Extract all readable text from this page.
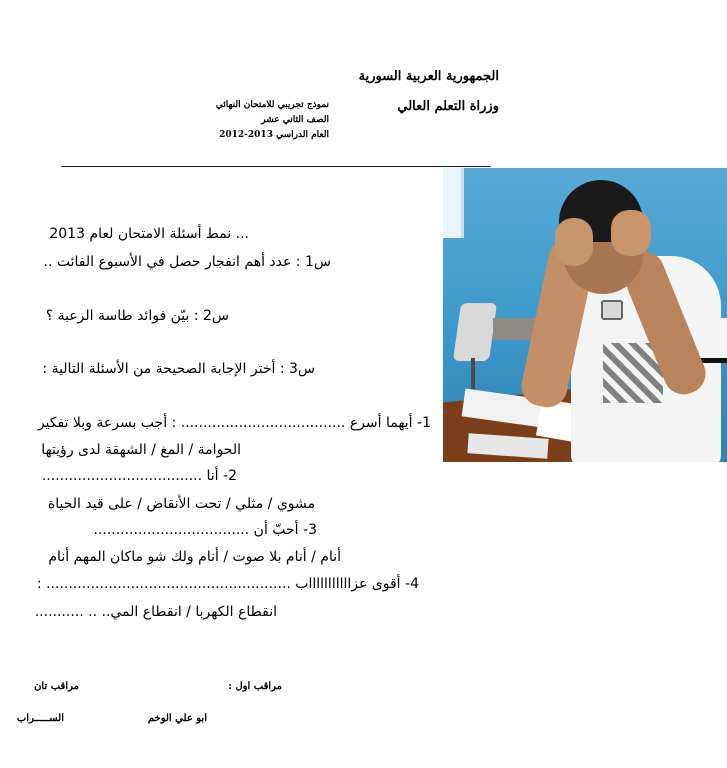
الجمهورية العربية السورية
وزراة التعلم العالي
نموذج تجريبي للامتحان النهائي
الصف الثاني عشر
العام الدراسي 2013-2012
... نمط أسئلة الامتحان لعام 2013
س1 : عدد أهم انفجار حصل في الأسبوع الفائت ..
س2 : بيّن فوائد طاسة الرعبة ؟
س3 : أختر الإجابة الصحيحة من الأسئلة التالية :
1- أيهما أسرع ..................................... : أجب بسرعة وبلا تفكير
الحوامة / المغ / الشهقة لدى رؤيتها
2- أنا ....................................
مشوي / مثلي / تحت الأنقاض / على قيد الحياة
3- أحبّ أن ...................................
أنام / أنام بلا صوت / أنام ولك شو ماكان المهم أنام
4- أقوى عزاااااااااااب ....................................................... :
انقطاع الكهربا / انقطاع المي.. .. ...........
مراقب اول :
مراقب تان
ابو علي الوخم
الســـــراب
